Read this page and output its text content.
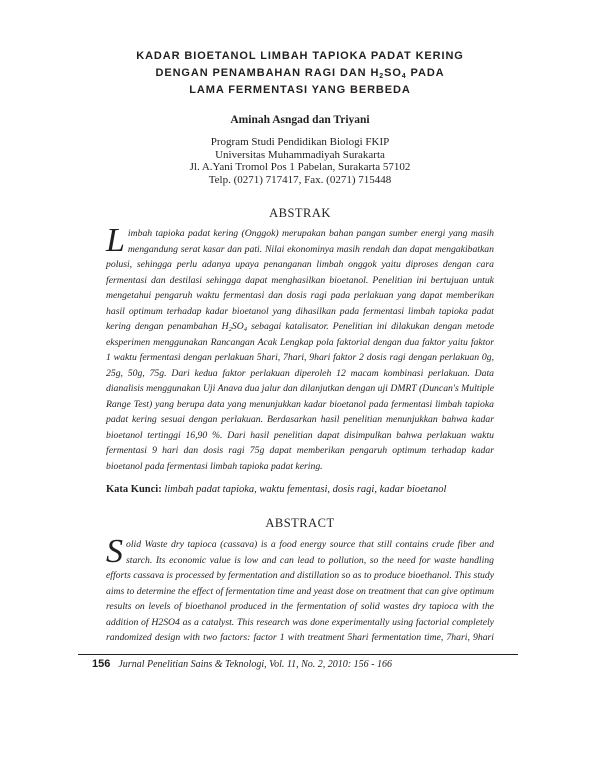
KADAR BIOETANOL LIMBAH TAPIOKA PADAT KERING
DENGAN PENAMBAHAN RAGI DAN $H_2SO_4$ PADA
LAMA FERMENTASI YANG BERBEDA
Aminah Asngad dan Triyani
Program Studi Pendidikan Biologi FKIP
Universitas Muhammadiyah Surakarta
Jl. A.Yani Tromol Pos 1 Pabelan, Surakarta 57102
Telp. (0271) 717417, Fax. (0271) 715448
ABSTRAK
Limbah tapioka padat kering (Onggok) merupakan bahan pangan sumber energi yang masih mengandung serat kasar dan pati. Nilai ekonominya masih rendah dan dapat mengakibatkan polusi, sehingga perlu adanya upaya penanganan limbah onggok yaitu diproses dengan cara fermentasi dan destilasi sehingga dapat menghasilkan bioetanol. Penelitian ini bertujuan untuk mengetahui pengaruh waktu fermentasi dan dosis ragi pada perlakuan yang dapat memberikan hasil optimum terhadap kadar bioetanol yang dihasilkan pada fermentasi limbah tapioka padat kering dengan penambahan $H_2SO_4$ sebagai katalisator. Penelitian ini dilakukan dengan metode eksperimen menggunakan Rancangan Acak Lengkap pola faktorial dengan dua faktor yaitu faktor 1 waktu fermentasi dengan perlakuan 5hari, 7hari, 9hari faktor 2 dosis ragi dengan perlakuan 0g, 25g, 50g, 75g. Dari kedua faktor perlakuan diperoleh 12 macam kombinasi perlakuan. Data dianalisis menggunakan Uji Anava dua jalur dan dilanjutkan dengan uji DMRT (Duncan's Multiple Range Test) yang berupa data yang menunjukkan kadar bioetanol pada fermentasi limbah tapioka padat kering sesuai dengan perlakuan. Berdasarkan hasil penelitian menunjukkan bahwa kadar bioetanol tertinggi 16,90 %. Dari hasil penelitian dapat disimpulkan bahwa perlakuan waktu fermentasi 9 hari dan dosis ragi 75g dapat memberikan pengaruh optimum terhadap kadar bioetanol pada fermentasi limbah tapioka padat kering.
Kata Kunci: limbah padat tapioka, waktu fementasi, dosis ragi, kadar bioetanol
ABSTRACT
Solid Waste dry tapioca (cassava) is a food energy source that still contains crude fiber and starch. Its economic value is low and can lead to pollution, so the need for waste handling efforts cassava is processed by fermentation and distillation so as to produce bioethanol. This study aims to determine the effect of fermentation time and yeast dose on treatment that can give optimum results on levels of bioethanol produced in the fermentation of solid wastes dry tapioca with the addition of H2SO4 as a catalyst. This research was done experimentally using factorial completely randomized design with two factors: factor 1 with treatment 5hari fermentation time, 7hari, 9hari
156 Jurnal Penelitian Sains & Teknologi, Vol. 11, No. 2, 2010: 156 - 166
